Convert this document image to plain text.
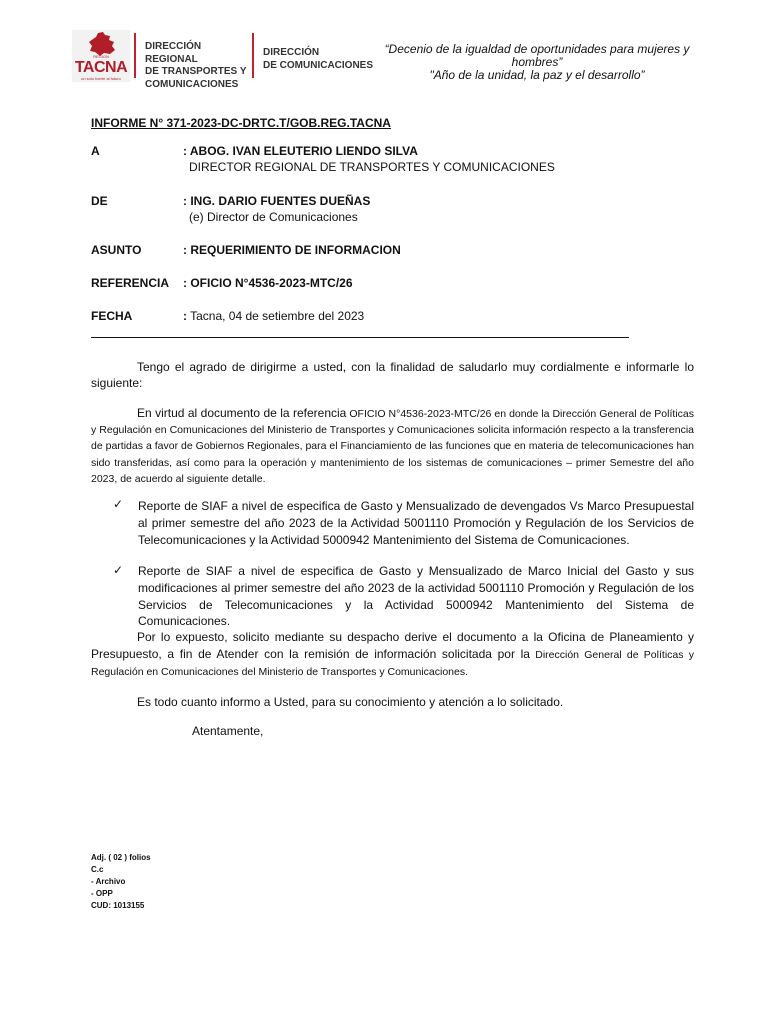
REGION
TACNA
un solo fuerte al futuro
DIRECCIÓN REGIONAL
DE TRANSPORTES Y
COMUNICACIONES
DIRECCIÓN
DE COMUNICACIONES
“Decenio de la igualdad de oportunidades para mujeres y hombres”
"Año de la unidad, la paz y el desarrollo”
INFORME N° 371-2023-DC-DRTC.T/GOB.REG.TACNA
A	: ABOG. IVAN ELEUTERIO LIENDO SILVA
DIRECTOR REGIONAL DE TRANSPORTES Y COMUNICACIONES
DE	: ING. DARIO FUENTES DUEÑAS
(e) Director de Comunicaciones
ASUNTO	: REQUERIMIENTO DE INFORMACION
REFERENCIA : OFICIO N°4536-2023-MTC/26
FECHA	: Tacna, 04 de setiembre del 2023
Tengo el agrado de dirigirme a usted, con la finalidad de saludarlo muy cordialmente e informarle lo siguiente:
En virtud al documento de la referencia OFICIO N°4536-2023-MTC/26 en donde la Dirección General de Políticas y Regulación en Comunicaciones del Ministerio de Transportes y Comunicaciones solicita información respecto a la transferencia de partidas a favor de Gobiernos Regionales, para el Financiamiento de las funciones que en materia de telecomunicaciones han sido transferidas, así como para la operación y mantenimiento de los sistemas de comunicaciones – primer Semestre del año 2023, de acuerdo al siguiente detalle.
✓ Reporte de SIAF a nivel de especifica de Gasto y Mensualizado de devengados Vs Marco Presupuestal al primer semestre del año 2023 de la Actividad 5001110 Promoción y Regulación de los Servicios de Telecomunicaciones y la Actividad 5000942 Mantenimiento del Sistema de Comunicaciones.
✓ Reporte de SIAF a nivel de especifica de Gasto y Mensualizado de Marco Inicial del Gasto y sus modificaciones al primer semestre del año 2023 de la actividad 5001110 Promoción y Regulación de los Servicios de Telecomunicaciones y la Actividad 5000942 Mantenimiento del Sistema de Comunicaciones.
Por lo expuesto, solicito mediante su despacho derive el documento a la Oficina de Planeamiento y Presupuesto, a fin de Atender con la remisión de información solicitada por la Dirección General de Políticas y Regulación en Comunicaciones del Ministerio de Transportes y Comunicaciones.
Es todo cuanto informo a Usted, para su conocimiento y atención a lo solicitado.
Atentamente,
Adj. ( 02 ) folios
C.c
- Archivo
- OPP
CUD: 1013155
